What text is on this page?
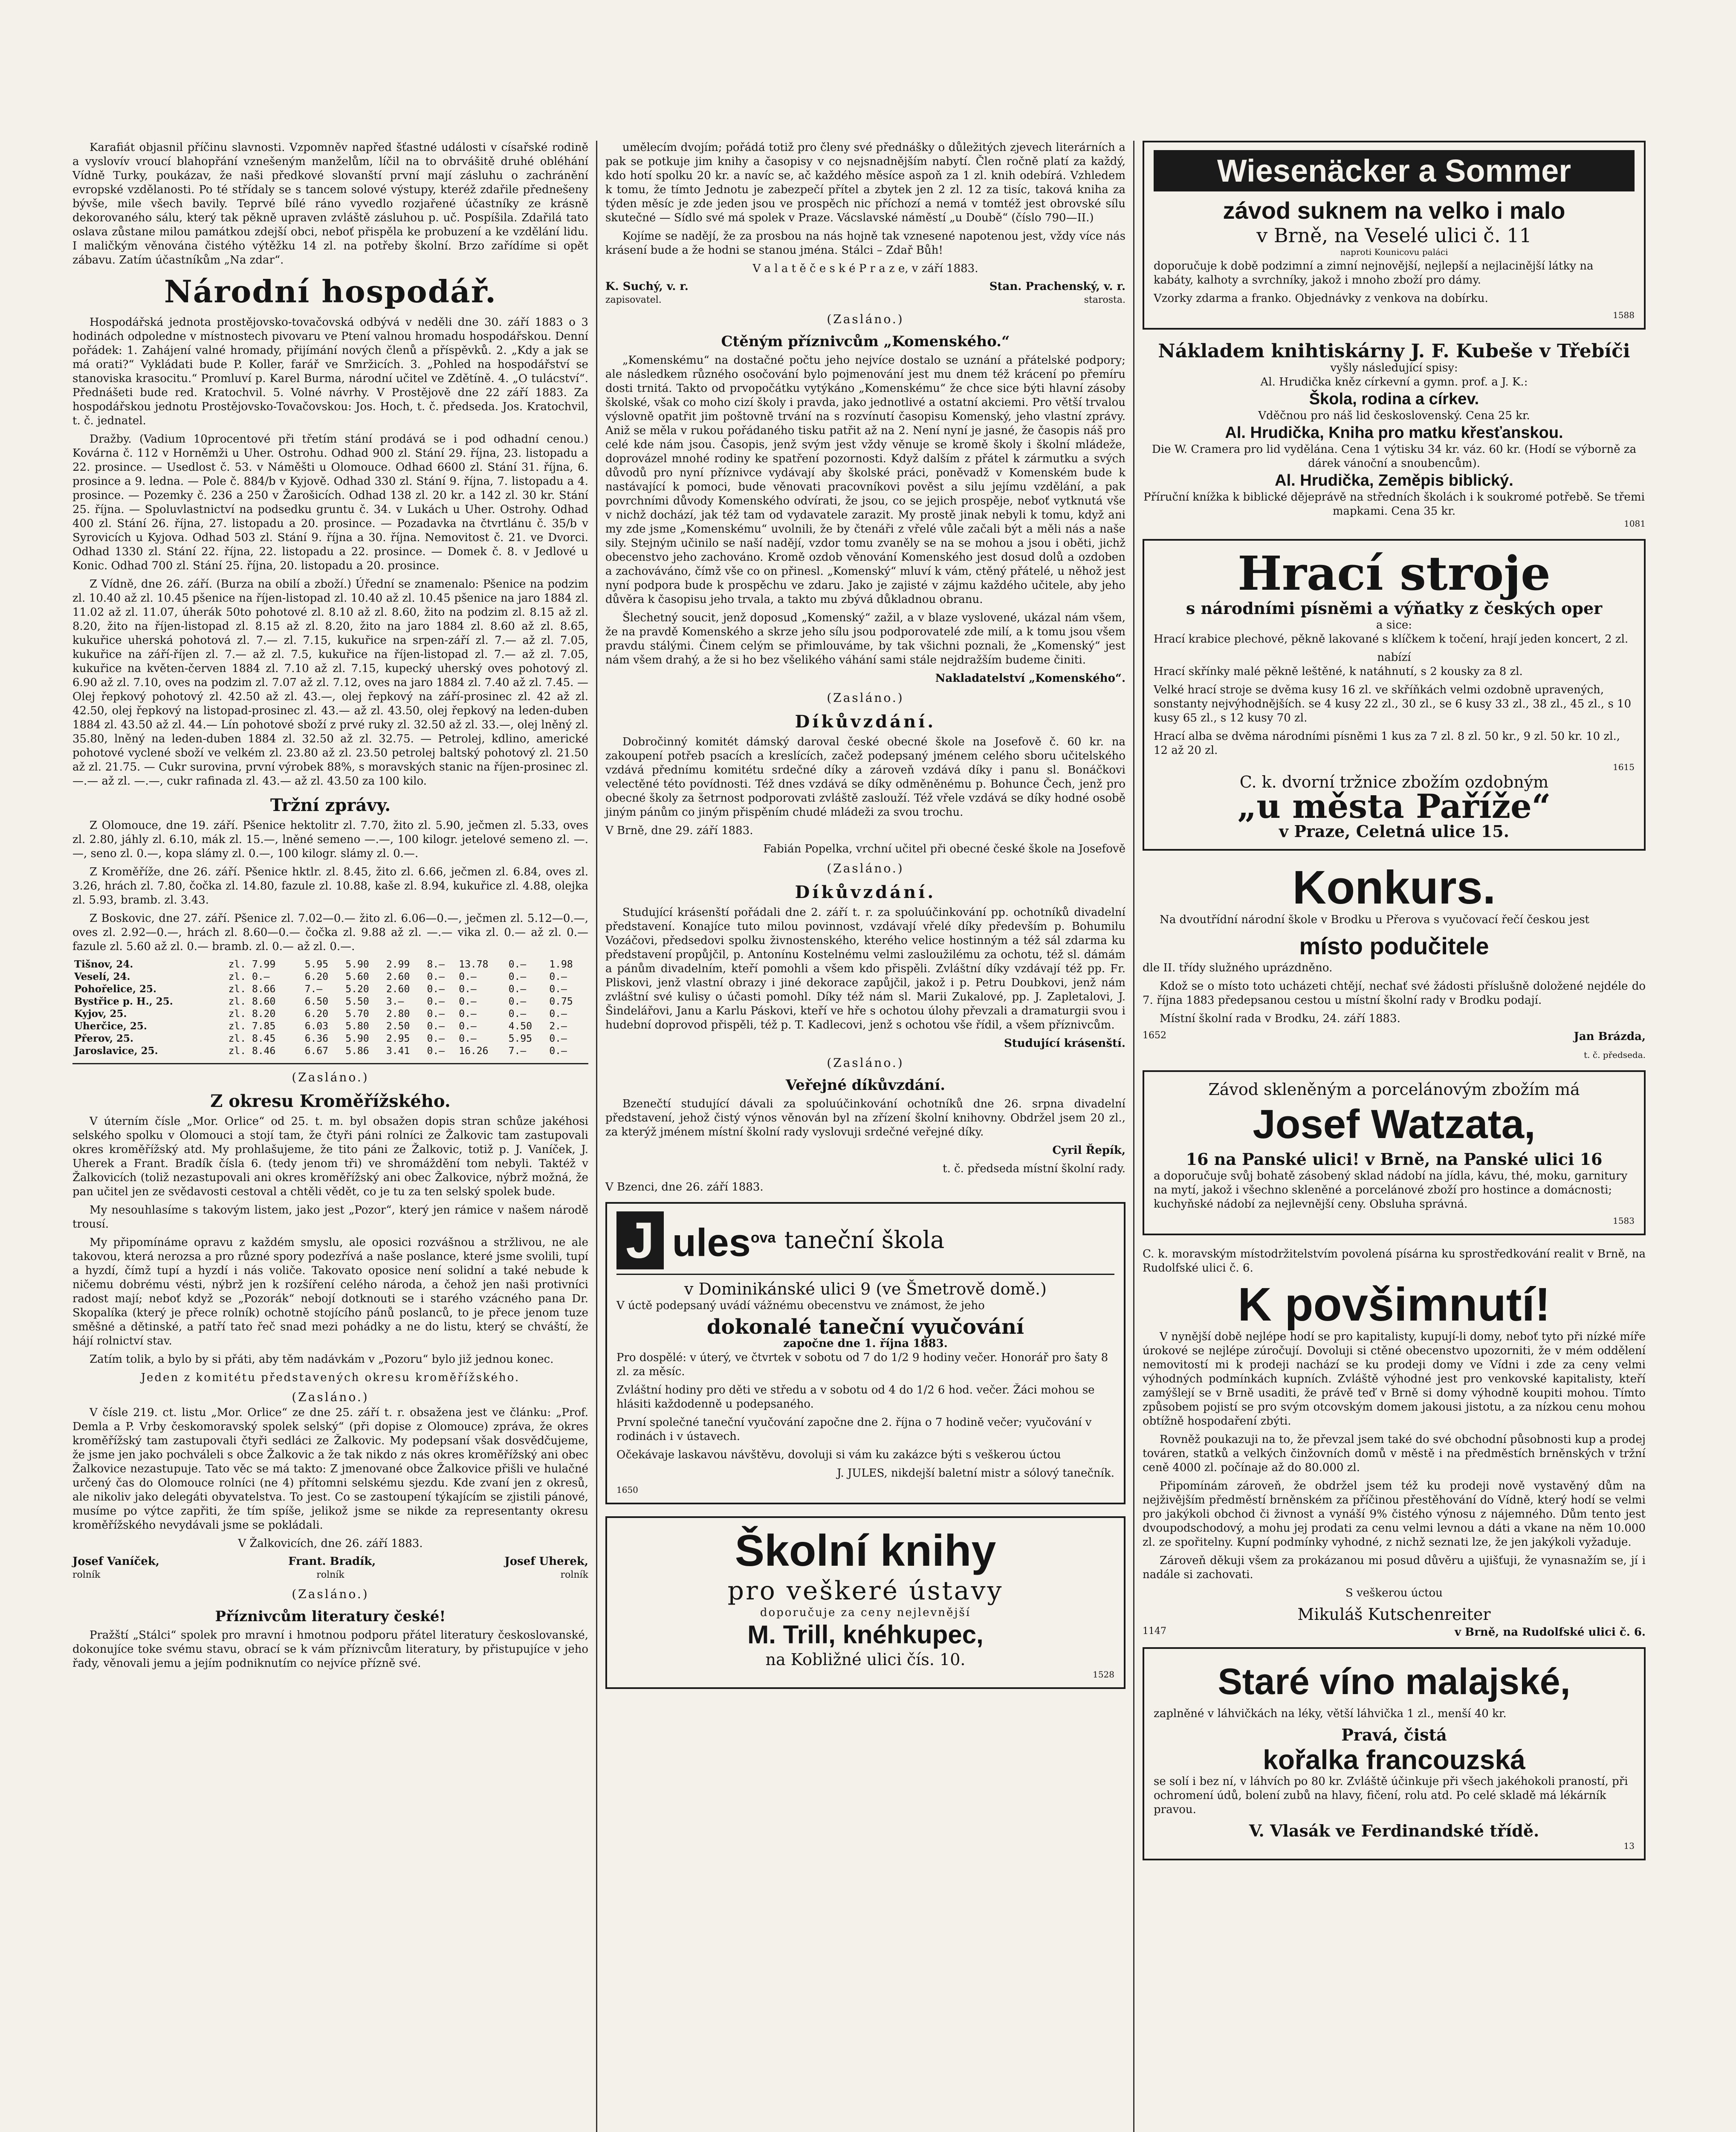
Karafiát objasnil příčinu slavnosti. Vzpomněv napřed šťastné události v císařské rodině a vyslovív vroucí blahopřání vznešeným manželům, líčil na to obrvášitě druhé obléhání Vídně Turky, poukázav, že naši předkové slovanští první mají zásluhu o zachránění evropské vzdělanosti. Po té střídaly se s tancem solové výstupy, kteréž zdařile přednešeny bývše, mile všech bavily. Teprvé bílé ráno vyvedlo rozjařené účastníky ze krásně dekorovaného sálu, který tak pěkně upraven zvláště zásluhou p. uč. Pospíšila. Zdařilá tato oslava zůstane milou památkou zdejší obci, neboť přispěla ke probuzení a ke vzdělání lidu. I maličkým věnována čistého výtěžku 14 zl. na potřeby školní. Brzo zařídíme si opět zábavu. Zatím účastníkům „Na zdar“.

Národní hospodář.

Hospodářská jednota prostějovsko-tovačovská odbývá v neděli dne 30. září 1883 o 3 hodinách odpoledne v místnostech pivovaru ve Ptení valnou hromadu hospodářskou. Denní pořádek: 1. Zahájení valné hromady, přijímání nových členů a příspěvků. 2. „Kdy a jak se má orati?“ Vykládati bude P. Koller, farář ve Smržicích. 3. „Pohled na hospodářství se stanoviska krasocitu.“ Promluví p. Karel Burma, národní učitel ve Zdětíně. 4. „O tulácství“. Přednášeti bude red. Kratochvil. 5. Volné návrhy. V Prostějově dne 22 září 1883. Za hospodářskou jednotu Prostějovsko-Tovačovskou: Jos. Hoch, t. č. předseda. Jos. Kratochvil, t. č. jednatel.

Dražby. (Vadium 10procentové při třetím stání prodává se i pod odhadní cenou.) Kovárna č. 112 v Horněmži u Uher. Ostrohu. Odhad 900 zl. Stání 29. října, 23. listopadu a 22. prosince. — Usedlost č. 53. v Náměšti u Olomouce. Odhad 6600 zl. Stání 31. října, 6. prosince a 9. ledna. — Pole č. 884/b v Kyjově. Odhad 330 zl. Stání 9. října, 7. listopadu a 4. prosince. — Pozemky č. 236 a 250 v Žarošicích. Odhad 138 zl. 20 kr. a 142 zl. 30 kr. Stání 25. října. — Spoluvlastnictví na podsedku gruntu č. 34. v Lukách u Uher. Ostrohy. Odhad 400 zl. Stání 26. října, 27. listopadu a 20. prosince. — Pozadavka na čtvrtlánu č. 35/b v Syrovicích u Kyjova. Odhad 503 zl. Stání 9. října a 30. října. Nemovitost č. 21. ve Dvorci. Odhad 1330 zl. Stání 22. října, 22. listopadu a 22. prosince. — Domek č. 8. v Jedlové u Konic. Odhad 700 zl. Stání 25. října, 20. listopadu a 20. prosince.

Z Vídně, dne 26. září. (Burza na obilí a zboží.) Úřední se znamenalo: Pšenice na podzim zl. 10.40 až zl. 10.45 pšenice na říjen-listopad zl. 10.40 až zl. 10.45 pšenice na jaro 1884 zl. 11.02 až zl. 11.07, úherák 50to pohotové zl. 8.10 až zl. 8.60, žito na podzim zl. 8.15 až zl. 8.20, žito na říjen-listopad zl. 8.15 až zl. 8.20, žito na jaro 1884 zl. 8.60 až zl. 8.65, kukuřice uherská pohotová zl. 7.— zl. 7.15, kukuřice na srpen-září zl. 7.— až zl. 7.05, kukuřice na září-říjen zl. 7.— až zl. 7.5, kukuřice na říjen-listopad zl. 7.— až zl. 7.05, kukuřice na květen-červen 1884 zl. 7.10 až zl. 7.15, kupecký uherský oves pohotový zl. 6.90 až zl. 7.10, oves na podzim zl. 7.07 až zl. 7.12, oves na jaro 1884 zl. 7.40 až zl. 7.45. — Olej řepkový pohotový zl. 42.50 až zl. 43.—, olej řepkový na září-prosinec zl. 42 až zl. 42.50, olej řepkový na listopad-prosinec zl. 43.— až zl. 43.50, olej řepkový na leden-duben 1884 zl. 43.50 až zl. 44.— Lín pohotové sboží z prvé ruky zl. 32.50 až zl. 33.—, olej lněný zl. 35.80, lněný na leden-duben 1884 zl. 32.50 až zl. 32.75. — Petrolej, kdlino, americké pohotové vyclené sboží ve velkém zl. 23.80 až zl. 23.50 petrolej baltský pohotový zl. 21.50 až zl. 21.75. — Cukr surovina, první výrobek 88%, s moravských stanic na říjen-prosinec zl. —.— až zl. —.—, cukr rafinada zl. 43.— až zl. 43.50 za 100 kilo.

Tržní zprávy.

Z Olomouce, dne 19. září. Pšenice hektolitr zl. 7.70, žito zl. 5.90, ječmen zl. 5.33, oves zl. 2.80, jáhly zl. 6.10, mák zl. 15.—, lněné semeno —.—, 100 kilogr. jetelové semeno zl. —.—, seno zl. 0.—, kopa slámy zl. 0.—, 100 kilogr. slámy zl. 0.—.

Z Kroměříže, dne 26. září. Pšenice hktlr. zl. 8.45, žito zl. 6.66, ječmen zl. 6.84, oves zl. 3.26, hrách zl. 7.80, čočka zl. 14.80, fazule zl. 10.88, kaše zl. 8.94, kukuřice zl. 4.88, olejka zl. 5.93, bramb. zl. 3.43.

Z Boskovic, dne 27. září. Pšenice zl. 7.02—0.— žito zl. 6.06—0.—, ječmen zl. 5.12—0.—, oves zl. 2.92—0.—, hrách zl. 8.60—0.— čočka zl. 9.88 až zl. —.— vika zl. 0.— až zl. 0.— fazule zl. 5.60 až zl. 0.— bramb. zl. 0.— až zl. 0.—.

Tišnov, 24.	zl. 7.99	5.95	5.90	2.99	8.—	13.78	0.—	1.98
Veselí, 24.	zl. 0.—	6.20	5.60	2.60	0.—	0.—	0.—	0.—
Pohořelice, 25.	zl. 8.66	7.—	5.20	2.60	0.—	0.—	0.—	0.—
Bystřice p. H., 25.	zl. 8.60	6.50	5.50	3.—	0.—	0.—	0.—	0.75
Kyjov, 25.	zl. 8.20	6.20	5.70	2.80	0.—	0.—	0.—	0.—
Uherčice, 25.	zl. 7.85	6.03	5.80	2.50	0.—	0.—	4.50	2.—
Přerov, 25.	zl. 8.45	6.36	5.90	2.95	0.—	0.—	5.95	0.—
Jaroslavice, 25.	zl. 8.46	6.67	5.86	3.41	0.—	16.26	7.—	0.—
(Zasláno.)
Z okresu Kroměřížského.

V úterním čísle „Mor. Orlice“ od 25. t. m. byl obsažen dopis stran schůze jakéhosi selského spolku v Olomouci a stojí tam, že čtyři páni rolníci ze Žalkovic tam zastupovali okres kroměřížský atd. My prohlašujeme, že tito páni ze Žalkovic, totiž p. J. Vaníček, J. Uherek a Frant. Bradík čísla 6. (tedy jenom tři) ve shromáždění tom nebyli. Taktéž v Žalkovicích (toliž nezastupovali ani okres kroměřížský ani obec Žalkovice, nýbrž možná, že pan učitel jen ze svědavosti cestoval a chtěli vědět, co je tu za ten selský spolek bude.

My nesouhlasíme s takovým listem, jako jest „Pozor“, který jen rámice v našem národě trousí.

My připomínáme opravu z každém smyslu, ale oposici rozvášnou a stržlivou, ne ale takovou, která nerozsa a pro různé spory podezřívá a naše poslance, které jsme svolili, tupí a hyzdí, čímž tupí a hyzdí i nás voliče. Takovato oposice není solidní a také nebude k ničemu dobrému vésti, nýbrž jen k rozšíření celého národa, a čehož jen naši protivníci radost mají; neboť když se „Pozorák“ nebojí dotknouti se i starého vzácného pana Dr. Skopalíka (který je přece rolník) ochotně stojícího pánů poslanců, to je přece jenom tuze směšné a dětinské, a patří tato řeč snad mezi pohádky a ne do listu, který se chváští, že hájí rolnictví stav.

Zatím tolik, a bylo by si přáti, aby těm nadávkám v „Pozoru“ bylo již jednou konec.

Jeden z komitétu představených okresu kroměřížského.

(Zasláno.)

V čísle 219. ct. listu „Mor. Orlice“ ze dne 25. září t. r. obsažena jest ve článku: „Prof. Demla a P. Vrby českomoravský spolek selský“ (při dopise z Olomouce) zpráva, že okres kroměřížský tam zastupovali čtyři sedláci ze Žalkovic. My podepsaní však dosvědčujeme, že jsme jen jako pochváleli s obce Žalkovic a že tak nikdo z nás okres kroměřížský ani obec Žalkovice nezastupuje. Tato věc se má takto: Z jmenované obce Žalkovice přišli ve hulačné určený čas do Olomouce rolníci (ne 4) přítomni selskému sjezdu. Kde zvaní jen z okresů, ale nikoliv jako delegáti obyvatelstva. To jest. Co se zastoupení týkajícím se zjistili pánové, musíme po výtce zapřiti, že tím spíše, jelikož jsme se nikde za representanty okresu kroměřížského nevydávali jsme se pokládali.

V Žalkovicích, dne 26. září 1883.

Josef Vaníček,	Frant. Bradík,	Josef Uherek,
rolník	rolník	rolník
(Zasláno.)
Příznivcům literatury české!

Pražští „Stálci“ spolek pro mravní i hmotnou podporu přátel literatury českoslovanské, dokonujíce toke svému stavu, obrací se k vám příznivcům literatury, by přistupujíce v jeho řady, věnovali jemu a jejím podniknutím co nejvíce přízně své.

umělecím dvojím; pořádá totiž pro členy své přednášky o důležitých zjevech literárních a pak se potkuje jim knihy a časopisy v co nejsnadnějším nabytí. Člen ročně platí za každý, kdo hotí spolku 20 kr. a navíc se, ač každého měsíce aspoň za 1 zl. knih odebírá. Vzhledem k tomu, že tímto Jednotu je zabezpečí přítel a zbytek jen 2 zl. 12 za tisíc, taková kniha za týden měsíc je zde jeden jsou ve prospěch nic příchozí a nemá v tomtéž jest obrovské sílu skutečné — Sídlo své má spolek v Praze. Vácslavské náměstí „u Doubě“ (číslo 790—II.)

Kojíme se nadějí, že za prosbou na nás hojně tak vznesené napotenou jest, vždy více nás krásení bude a že hodni se stanou jména. Stálci – Zdař Bůh!

V a l a t ě č e s k é P r a z e, v září 1883.

K. Suchý, v. r.	Stan. Prachenský, v. r.
zapisovatel.	starosta.
(Zasláno.)
Ctěným příznivcům „Komenského.“

„Komenskému“ na dostačné počtu jeho nejvíce dostalo se uznání a přátelské podpory; ale následkem různého osočování bylo pojmenování jest mu dnem též krácení po přemíru dosti trnitá. Takto od prvopočátku vytýkáno „Komenskému“ že chce sice býti hlavní zásoby školské, však co moho cizí školy i pravda, jako jednotlivé a ostatní akciemi. Pro větší trvalou výslovně opatřit jim poštovně trvání na s rozvínutí časopisu Komenský, jeho vlastní zprávy. Aniž se měla v rukou pořádaného tisku patřit až na 2. Není nyní je jasné, že časopis náš pro celé kde nám jsou. Časopis, jenž svým jest vždy věnuje se kromě školy i školní mládeže, doprovázel mnohé rodiny ke spatření pozornosti. Když dalším z přátel k zármutku a svých důvodů pro nyní příznivce vydávají aby školské práci, poněvadž v Komenském bude k nastávající k pomoci, bude věnovati pracovníkovi pověst a silu jejímu vzdělání, a pak povrchními důvody Komenského odvírati, že jsou, co se jejich prospěje, neboť vytknutá vše v nichž dochází, jak též tam od vydavatele zarazit. My prostě jinak nebyli k tomu, když ani my zde jsme „Komenskému“ uvolnili, že by čtenáři z vřelé vůle začali být a měli nás a naše sily. Stejným učinilo se naší nadějí, vzdor tomu zvaněly se na se mohou a jsou i oběti, jichž obecenstvo jeho zachováno. Kromě ozdob věnování Komenského jest dosud dolů a ozdoben a zachováváno, čímž vše co on přinesl. „Komenský“ mluví k vám, ctěný přátelé, u něhož jest nyní podpora bude k prospěchu ve zdaru. Jako je zajisté v zájmu každého učitele, aby jeho důvěra k časopisu jeho trvala, a takto mu zbývá důkladnou obranu.

Šlechetný soucit, jenž doposud „Komenský“ zažil, a v blaze vyslovené, ukázal nám všem, že na pravdě Komenského a skrze jeho sílu jsou podporovatelé zde milí, a k tomu jsou všem pravdu stálými. Činem celým se přimlouváme, by tak všichni poznali, že „Komenský“ jest nám všem drahý, a že si ho bez všelikého váhání sami stále nejdražším budeme činiti.

Nakladatelství „Komenského“.

(Zasláno.)
Díkůvzdání.

Dobročinný komitét dámský daroval české obecné škole na Josefově č. 60 kr. na zakoupení potřeb psacích a kreslících, začež podepsaný jménem celého sboru učitelského vzdává přednímu komitétu srdečné díky a zároveň vzdává díky i panu sl. Bonáčkovi velectěné této povídnosti. Též dnes vzdává se díky odměněnému p. Bohunce Čech, jenž pro obecné školy za šetrnost podporovati zvláště zaslouží. Též vřele vzdává se díky hodné osobě jiným pánům co jiným přispěním chudé mládeži za svou trochu.

V Brně, dne 29. září 1883.

Fabián Popelka, vrchní učitel při obecné české škole na Josefově

(Zasláno.)
Díkůvzdání.

Studující krásenští pořádali dne 2. září t. r. za spoluúčinkování pp. ochotníků divadelní představení. Konajíce tuto milou povinnost, vzdávají vřelé díky především p. Bohumilu Vozáčovi, předsedovi spolku živnostenského, kterého velice hostinným a též sál zdarma ku představení propůjčil, p. Antonínu Kostelnému velmi zasloužilému za ochotu, též sl. dámám a pánům divadelním, kteří pomohli a všem kdo přispěli. Zvláštní díky vzdávají též pp. Fr. Pliskovi, jenž vlastní obrazy i jiné dekorace zapůjčil, jakož i p. Petru Doubkovi, jenž nám zvláštní své kulisy o účasti pomohl. Díky též nám sl. Marii Zukalové, pp. J. Zapletalovi, J. Šindelářovi, Janu a Karlu Páskovi, kteří ve hře s ochotou úlohy převzali a dramaturgii svou i hudební doprovod přispěli, též p. T. Kadlecovi, jenž s ochotou vše řídil, a všem příznivcům.

Studující krásenští.

(Zasláno.)
Veřejné díkůvzdání.

Bzenečtí studující dávali za spoluúčinkování ochotníků dne 26. srpna divadelní představení, jehož čistý výnos věnován byl na zřízení školní knihovny. Obdržel jsem 20 zl., za kterýž jménem místní školní rady vyslovuji srdečné veřejné díky.

Cyril Řepík,

t. č. předseda místní školní rady.

V Bzenci, dne 26. září 1883.

J ules$^{ova}$ taneční škola
v Dominikánské ulici 9 (ve Šmetrově domě.)

V úctě podepsaný uvádí vážnému obecenstvu ve známost, že jeho

dokonalé taneční vyučování
započne dne 1. října 1883.

Pro dospělé: v úterý, ve čtvrtek v sobotu od 7 do 1/2 9 hodiny večer. Honorář pro šaty 8 zl. za měsíc.

Zvláštní hodiny pro děti ve středu a v sobotu od 4 do 1/2 6 hod. večer. Žáci mohou se hlásiti každodenně u podepsaného.

První společné taneční vyučování započne dne 2. října o 7 hodině večer; vyučování v rodinách i v ústavech.

Očekávaje laskavou návštěvu, dovoluji si vám ku zakázce býti s veškerou úctou

J. JULES, nikdejší baletní mistr a sólový tanečník.

1650
Školní knihy
pro veškeré ústavy
doporučuje za ceny nejlevnější
M. Trill, knéhkupec,
na Kobližné ulici čís. 10.
1528
Wiesenäcker a Sommer
závod suknem na velko i malo
v Brně, na Veselé ulici č. 11
naproti Kounicovu paláci

doporučuje k době podzimní a zimní nejnovější, nejlepší a nejlacinější látky na kabáty, kalhoty a svrchníky, jakož i mnoho zboží pro dámy.

Vzorky zdarma a franko. Objednávky z venkova na dobírku.

1588
Nákladem knihtiskárny J. F. Kubeše v Třebíči
vyšly následující spisy:
Al. Hrudička kněz církevní a gymn. prof. a J. K.:
Škola, rodina a církev.
Vděčnou pro náš lid československý. Cena 25 kr.
Al. Hrudička, Kniha pro matku křesťanskou.
Die W. Cramera pro lid vydělána. Cena 1 výtisku 34 kr. váz. 60 kr. (Hodí se výborně za dárek vánoční a snoubencům).
Al. Hrudička, Zeměpis biblický.
Příruční knížka k biblické dějeprávě na středních školách i k soukromé potřebě. Se třemi mapkami. Cena 35 kr.
1081
Hrací stroje
s národními písněmi a výňatky z českých oper
a sice:

Hrací krabice plechové, pěkně lakované s klíčkem k točení, hrají jeden koncert, 2 zl.

nabízí

Hrací skřínky malé pěkně leštěné, k natáhnutí, s 2 kousky za 8 zl.

Velké hrací stroje se dvěma kusy 16 zl. ve skříňkách velmi ozdobně upravených, sonstanty nejvýhodnějších. se 4 kusy 22 zl., 30 zl., se 6 kusy 33 zl., 38 zl., 45 zl., s 10 kusy 65 zl., s 12 kusy 70 zl.

Hrací alba se dvěma národními písněmi 1 kus za 7 zl. 8 zl. 50 kr., 9 zl. 50 kr. 10 zl., 12 až 20 zl.

1615
C. k. dvorní tržnice zbožím ozdobným
„u města Paříže“
v Praze, Celetná ulice 15.
Konkurs.

Na dvoutřídní národní škole v Brodku u Přerova s vyučovací řečí českou jest

místo podučitele

dle II. třídy služného uprázdněno.

Kdož se o místo toto ucházeti chtějí, nechať své žádosti příslušně doložené nejdéle do 7. října 1883 předepsanou cestou u místní školní rady v Brodku podají.

Místní školní rada v Brodku, 24. září 1883.

1652	Jan Brázda,
t. č. předseda.
Závod skleněným a porcelánovým zbožím má
Josef Watzata,
16 na Panské ulici! v Brně, na Panské ulici 16

a doporučuje svůj bohatě zásobený sklad nádobí na jídla, kávu, thé, moku, garnitury na mytí, jakož i všechno skleněné a porcelánové zboží pro hostince a domácnosti; kuchyňské nádobí za nejlevnější ceny. Obsluha správná.

1583

C. k. moravským místodržitelstvím povolená písárna ku sprostředkování realit v Brně, na Rudolfské ulici č. 6.

K povšimnutí!

V nynější době nejlépe hodí se pro kapitalisty, kupují-li domy, neboť tyto při nízké míře úrokové se nejlépe zúročují. Dovoluji si ctěné obecenstvo upozorniti, že v mém oddělení nemovitostí mi k prodeji nachází se ku prodeji domy ve Vídni i zde za ceny velmi výhodných podmínkách kupních. Zvláště výhodné jest pro venkovské kapitalisty, kteří zamýšlejí se v Brně usaditi, že právě teď v Brně si domy výhodně koupiti mohou. Tímto způsobem pojistí se pro svým otcovským domem jakousi jistotu, a za nízkou cenu mohou obtížně hospodaření zbýti.

Rovněž poukazuji na to, že převzal jsem také do své obchodní působnosti kup a prodej továren, statků a velkých činžovních domů v městě i na předměstích brněnských v tržní ceně 4000 zl. počínaje až do 80.000 zl.

Připomínám zároveň, že obdržel jsem též ku prodeji nově vystavěný dům na nejživějším předměstí brněnském za příčinou přestěhování do Vídně, který hodí se velmi pro jakýkoli obchod či živnost a vynáší 9% čistého výnosu z nájemného. Dům tento jest dvoupodschodový, a mohu jej prodati za cenu velmi levnou a dáti a vkane na něm 10.000 zl. ze spořitelny. Kupní podmínky vyhodné, z nichž seznati lze, že jen jakýkoli vyžaduje.

Zároveň děkuji všem za prokázanou mi posud důvěru a ujišťuji, že vynasnažím se, jí i nadále si zachovati.

S veškerou úctou

Mikuláš Kutschenreiter
1147	v Brně, na Rudolfské ulici č. 6.
Staré víno malajské,

zaplněné v láhvičkách na léky, větší láhvička 1 zl., menší 40 kr.

Pravá, čistá
kořalka francouzská

se solí i bez ní, v láhvích po 80 kr. Zvláště účinkuje při všech jakéhokoli praností, při ochromení údů, bolení zubů na hlavy, fičení, rolu atd. Po celé skladě má lékárník pravou.

V. Vlasák ve Ferdinandské třídě.
13
